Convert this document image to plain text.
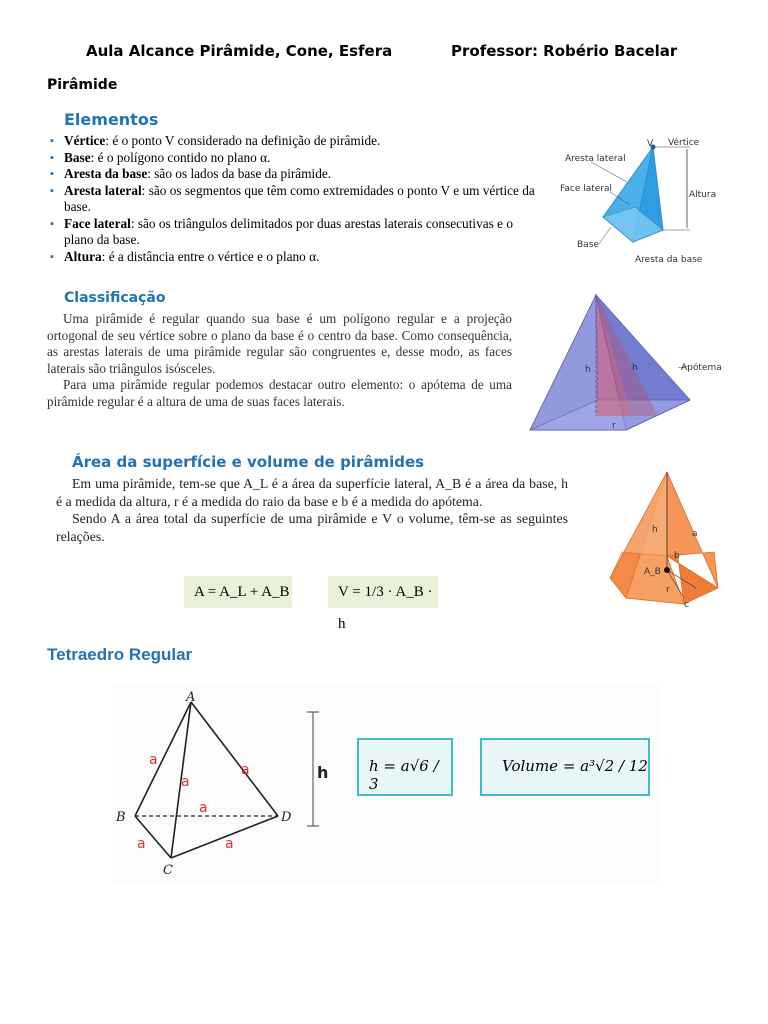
Aula Alcance Pirâmide, Cone, Esfera	Professor: Robério Bacelar
Pirâmide
Elementos
▪ Vértice: é o ponto V considerado na definição de pirâmide.
▪ Base: é o polígono contido no plano α.
▪ Aresta da base: são os lados da base da pirâmide.
▪ Aresta lateral: são os segmentos que têm como extremidades o ponto V e um vértice da base.
▪ Face lateral: são os triângulos delimitados por duas arestas laterais consecutivas e o plano da base.
▪ Altura: é a distância entre o vértice e o plano α.
V Vértice
Aresta lateral
Face lateral
Altura
Base
Aresta da base
Classificação

Uma pirâmide é regular quando sua base é um polígono regular e a projeção ortogonal de seu vértice sobre o plano da base é o centro da base. Como consequência, as arestas laterais de uma pirâmide regular são congruentes e, desse modo, as faces laterais são triângulos isósceles.

Para uma pirâmide regular podemos destacar outro elemento: o apótema de uma pirâmide regular é a altura de uma de suas faces laterais.

Apótema
h	h
r
Área da superfície e volume de pirâmides

Em uma pirâmide, tem-se que A_L é a área da superfície lateral, A_B é a área da base, h é a medida da altura, r é a medida do raio da base e b é a medida do apótema.

Sendo A a área total da superfície de uma pirâmide e V o volume, têm-se as seguintes relações.

A = A_L + A_B	V = 1/3 · A_B · h
h
b
a
A_B
r
c
Tetraedro Regular
A
B
C
D
a
a
a
a
a	a
h	h = a√6 / 3
Volume = a³√2 / 12
